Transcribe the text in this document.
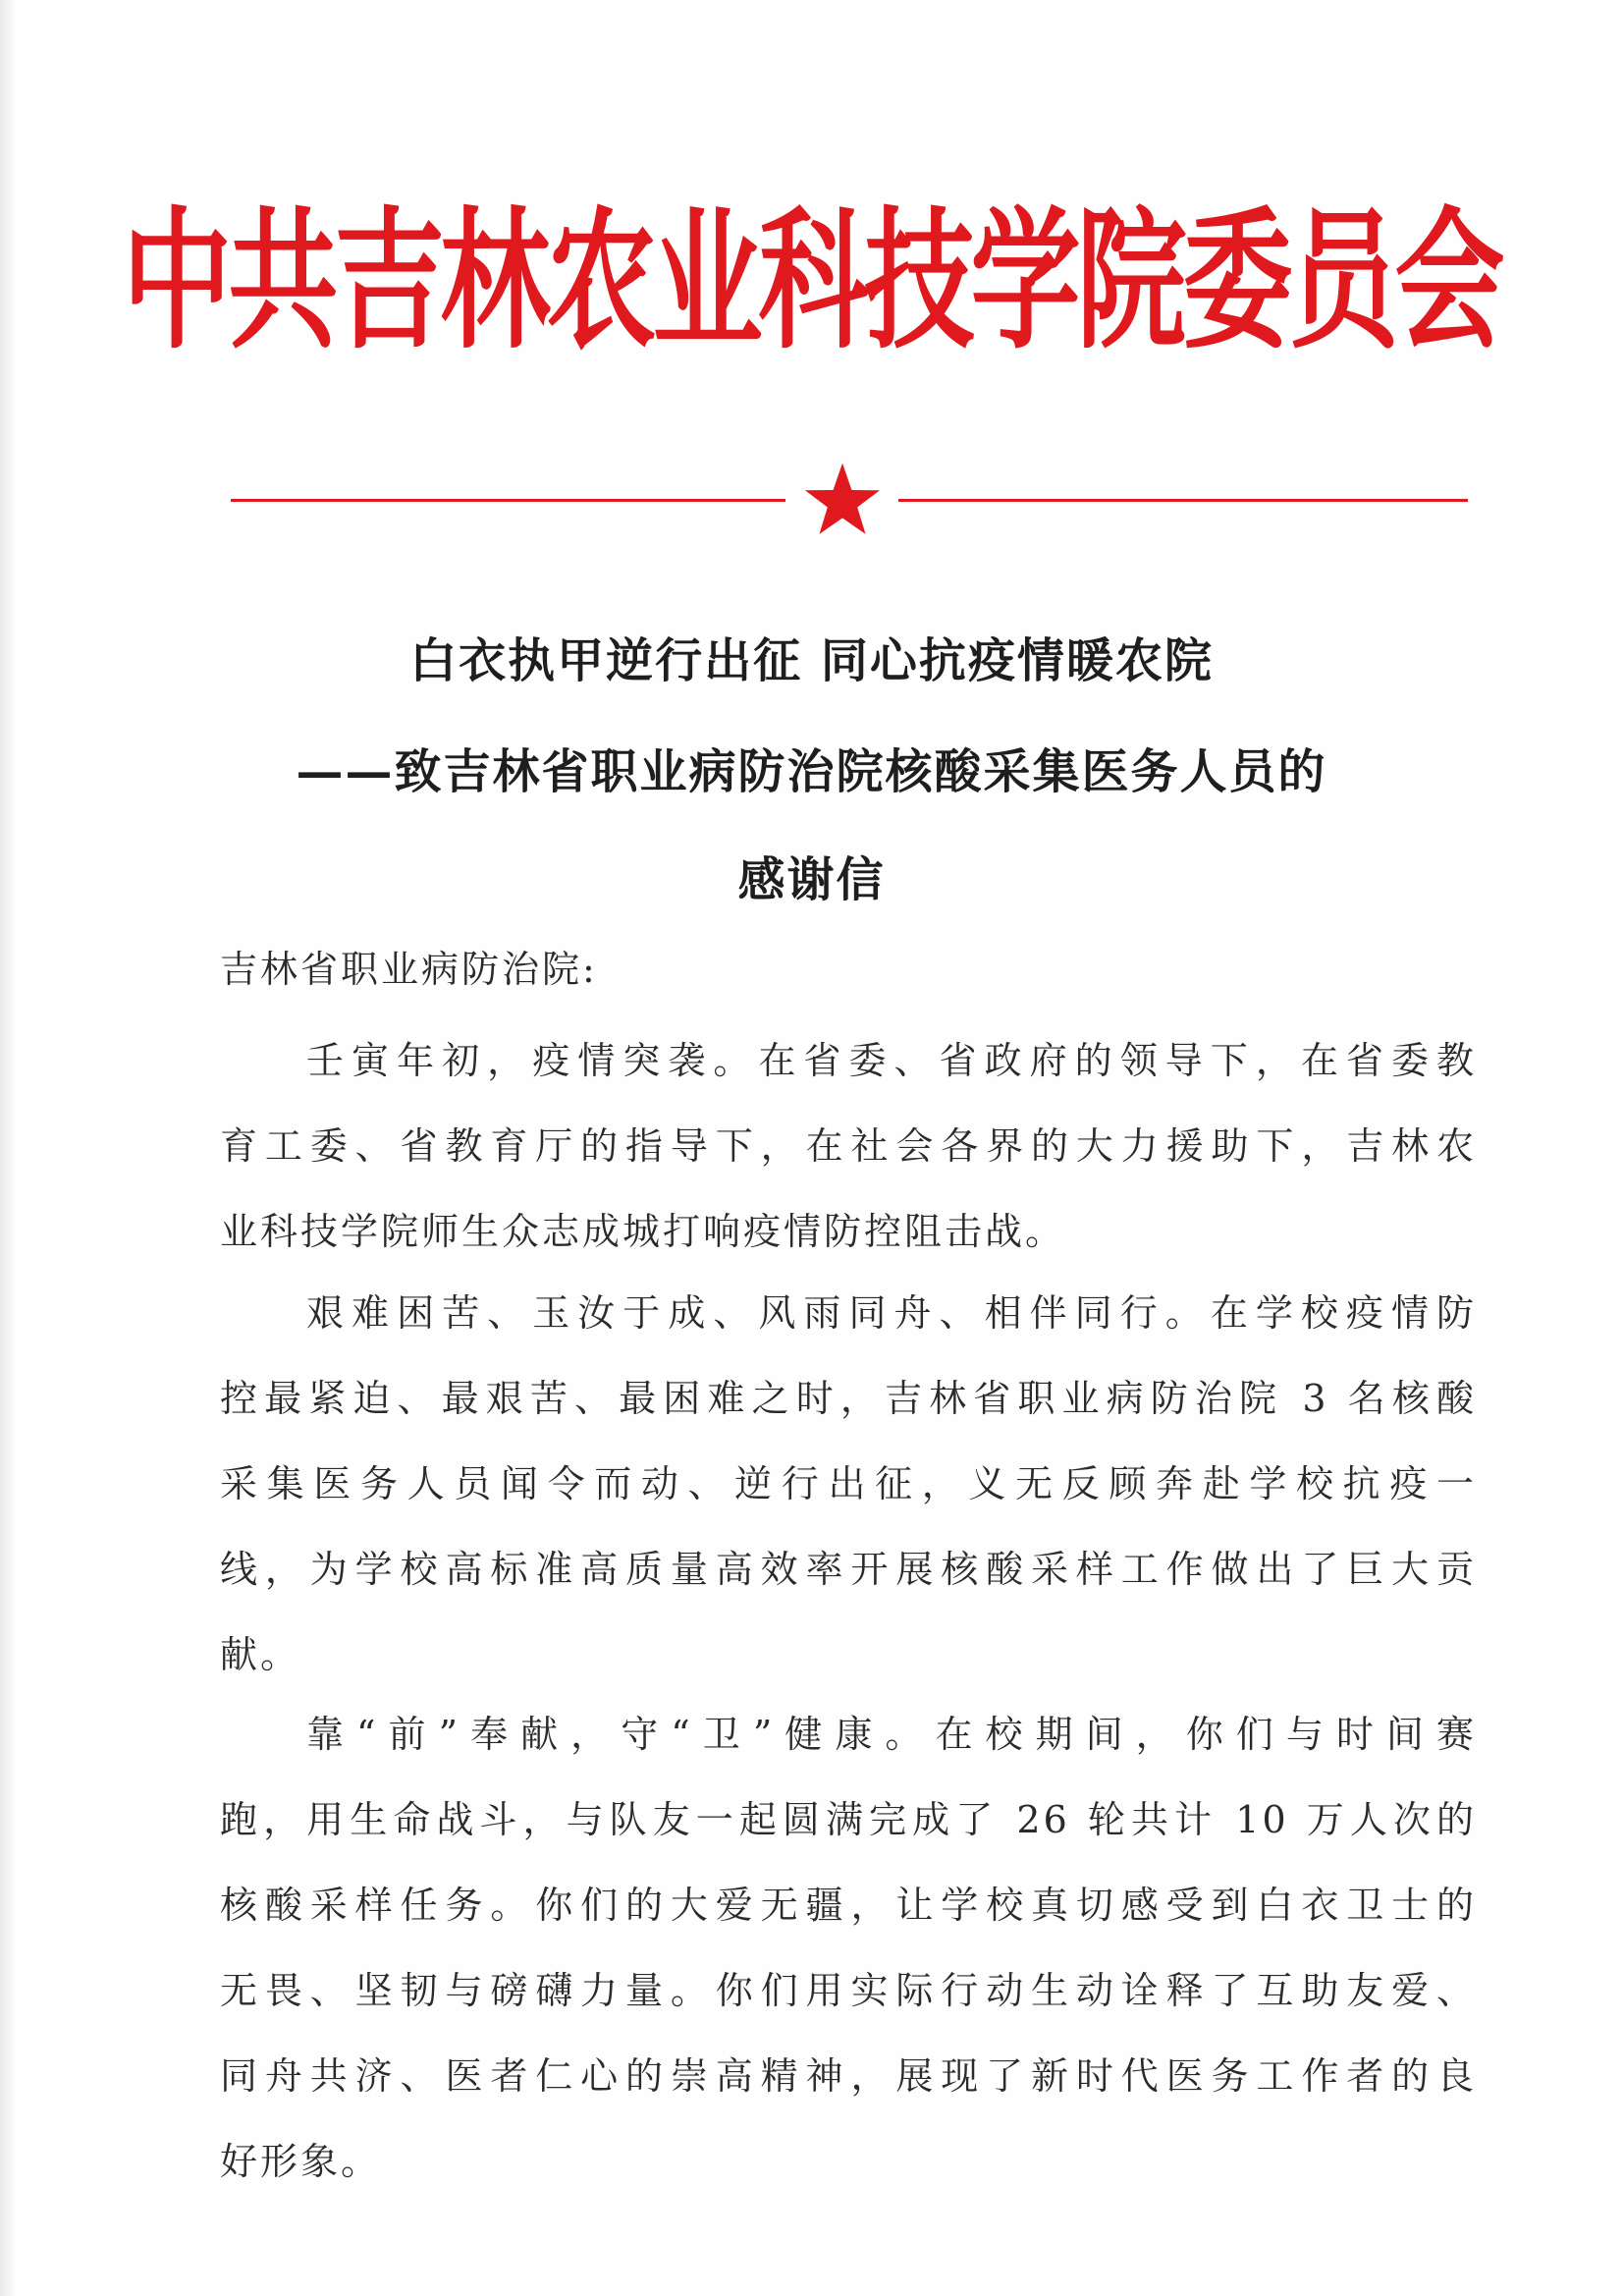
中共吉林农业科技学院委员会
白衣执甲逆行出征 同心抗疫情暖农院
——致吉林省职业病防治院核酸采集医务人员的
感谢信
吉林省职业病防治院:
壬寅年初，疫情突袭。在省委、省政府的领导下，在省委教
育工委、省教育厅的指导下，在社会各界的大力援助下，吉林农
业科技学院师生众志成城打响疫情防控阻击战。
艰难困苦、玉汝于成、风雨同舟、相伴同行。在学校疫情防
控最紧迫、最艰苦、最困难之时，吉林省职业病防治院 3 名核酸
采集医务人员闻令而动、逆行出征，义无反顾奔赴学校抗疫一
线，为学校高标准高质量高效率开展核酸采样工作做出了巨大贡
献。
靠“前”奉献，守“卫”健康。在校期间，你们与时间赛
跑，用生命战斗，与队友一起圆满完成了 26 轮共计 10 万人次的
核酸采样任务。你们的大爱无疆，让学校真切感受到白衣卫士的
无畏、坚韧与磅礴力量。你们用实际行动生动诠释了互助友爱、
同舟共济、医者仁心的崇高精神，展现了新时代医务工作者的良
好形象。
